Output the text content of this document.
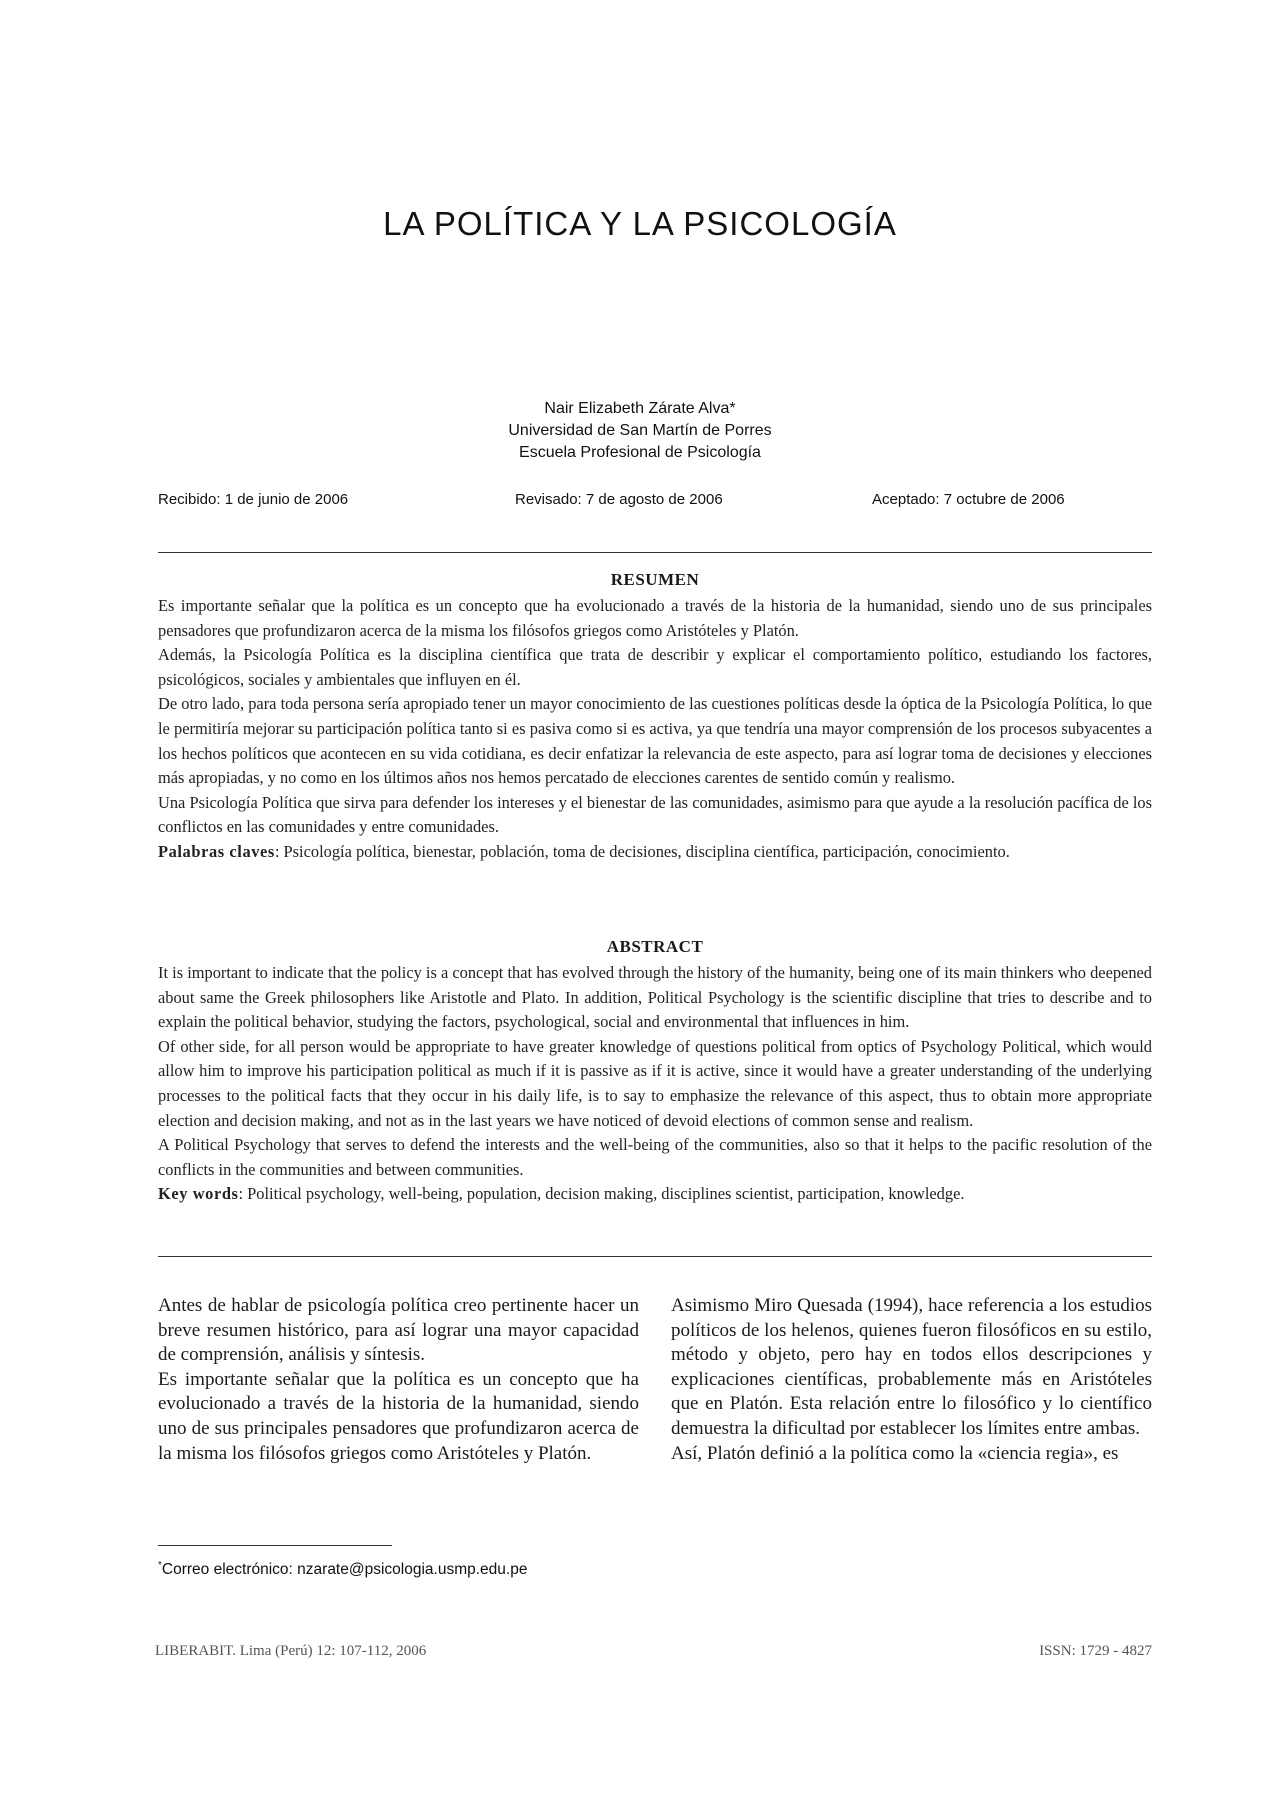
LA POLÍTICA Y LA PSICOLOGÍA
Nair Elizabeth Zárate Alva*
Universidad de San Martín de Porres
Escuela Profesional de Psicología
Recibido: 1 de junio de 2006	Revisado: 7 de agosto de 2006	Aceptado: 7 octubre de 2006
RESUMEN

Es importante señalar que la política es un concepto que ha evolucionado a través de la historia de la humanidad, siendo uno de sus principales pensadores que profundizaron acerca de la misma los filósofos griegos como Aristóteles y Platón.

Además, la Psicología Política es la disciplina científica que trata de describir y explicar el comportamiento político, estudiando los factores, psicológicos, sociales y ambientales que influyen en él.

De otro lado, para toda persona sería apropiado tener un mayor conocimiento de las cuestiones políticas desde la óptica de la Psicología Política, lo que le permitiría mejorar su participación política tanto si es pasiva como si es activa, ya que tendría una mayor comprensión de los procesos subyacentes a los hechos políticos que acontecen en su vida cotidiana, es decir enfatizar la relevancia de este aspecto, para así lograr toma de decisiones y elecciones más apropiadas, y no como en los últimos años nos hemos percatado de elecciones carentes de sentido común y realismo.

Una Psicología Política que sirva para defender los intereses y el bienestar de las comunidades, asimismo para que ayude a la resolución pacífica de los conflictos en las comunidades y entre comunidades.

Palabras claves: Psicología política, bienestar, población, toma de decisiones, disciplina científica, participación, conocimiento.

ABSTRACT

It is important to indicate that the policy is a concept that has evolved through the history of the humanity, being one of its main thinkers who deepened about same the Greek philosophers like Aristotle and Plato. In addition, Political Psychology is the scientific discipline that tries to describe and to explain the political behavior, studying the factors, psychological, social and environmental that influences in him.

Of other side, for all person would be appropriate to have greater knowledge of questions political from optics of Psychology Political, which would allow him to improve his participation political as much if it is passive as if it is active, since it would have a greater understanding of the underlying processes to the political facts that they occur in his daily life, is to say to emphasize the relevance of this aspect, thus to obtain more appropriate election and decision making, and not as in the last years we have noticed of devoid elections of common sense and realism.

A Political Psychology that serves to defend the interests and the well-being of the communities, also so that it helps to the pacific resolution of the conflicts in the communities and between communities.

Key words: Political psychology, well-being, population, decision making, disciplines scientist, participation, knowledge.

Antes de hablar de psicología política creo pertinente hacer un breve resumen histórico, para así lograr una mayor capacidad de comprensión, análisis y síntesis.

Es importante señalar que la política es un concepto que ha evolucionado a través de la historia de la humanidad, siendo uno de sus principales pensadores que profundizaron acerca de la misma los filósofos griegos como Aristóteles y Platón.

Asimismo Miro Quesada (1994), hace referencia a los estudios políticos de los helenos, quienes fueron filosóficos en su estilo, método y objeto, pero hay en todos ellos descripciones y explicaciones científicas, probablemente más en Aristóteles que en Platón. Esta relación entre lo filosófico y lo científico demuestra la dificultad por establecer los límites entre ambas.

Así, Platón definió a la política como la «ciencia regia», es

*Correo electrónico: nzarate@psicologia.usmp.edu.pe
LIBERABIT. Lima (Perú) 12: 107-112, 2006	ISSN: 1729 - 4827
